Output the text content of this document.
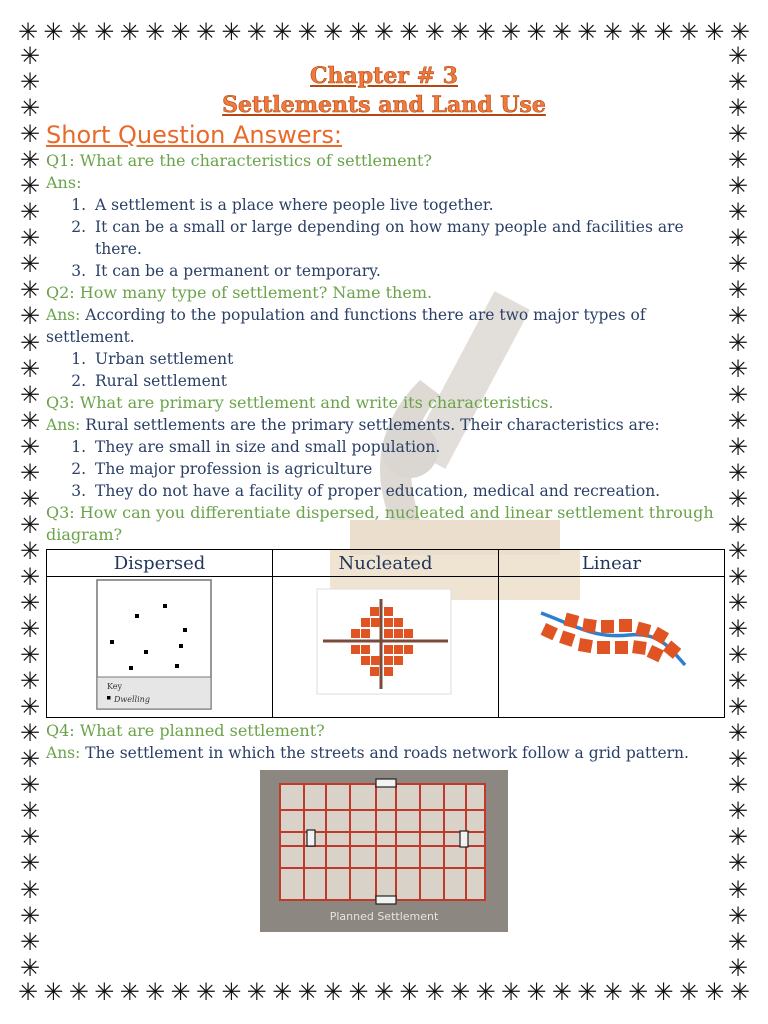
✳ ✳ ✳ ✳ ✳ ✳ ✳ ✳ ✳ ✳ ✳ ✳ ✳ ✳ ✳ ✳ ✳ ✳ ✳ ✳ ✳ ✳ ✳ ✳ ✳ ✳ ✳ ✳ ✳
✳ ✳ ✳ ✳ ✳ ✳ ✳ ✳ ✳ ✳ ✳ ✳ ✳ ✳ ✳ ✳ ✳ ✳ ✳ ✳ ✳ ✳ ✳ ✳ ✳ ✳ ✳ ✳ ✳
✳
✳
✳
✳
✳
✳
✳
✳
✳
✳
✳
✳
✳
✳
✳
✳
✳
✳
✳
✳
✳
✳
✳
✳
✳
✳
✳
✳
✳
✳
✳
✳
✳
✳
✳
✳
✳
✳
✳
✳
✳
✳
✳
✳
✳
✳
✳
✳
✳
✳
✳
✳
✳
✳
✳
✳
✳
✳
✳
✳
✳
✳
✳
✳
✳
✳
✳
✳
✳
✳
✳
✳

Chapter # 3

Settlements and Land Use

Short Question Answers:

Q1: What are the characteristics of settlement?

Ans:

1. A settlement is a place where people live together.
2. It can be a small or large depending on how many people and facilities are there.
3. It can be a permanent or temporary.

Q2: How many type of settlement? Name them.

Ans: According to the population and functions there are two major types of settlement.

1. Urban settlement
2. Rural settlement

Q3: What are primary settlement and write its characteristics.

Ans: Rural settlements are the primary settlements. Their characteristics are:

1. They are small in size and small population.
2. The major profession is agriculture
3. They do not have a facility of proper education, medical and recreation.

Q3: How can you differentiate dispersed, nucleated and linear settlement through diagram?

Dispersed	Nucleated	Linear

Key
Dwelling

Q4: What are planned settlement?

Ans: The settlement in which the streets and roads network follow a grid pattern.

Planned Settlement
